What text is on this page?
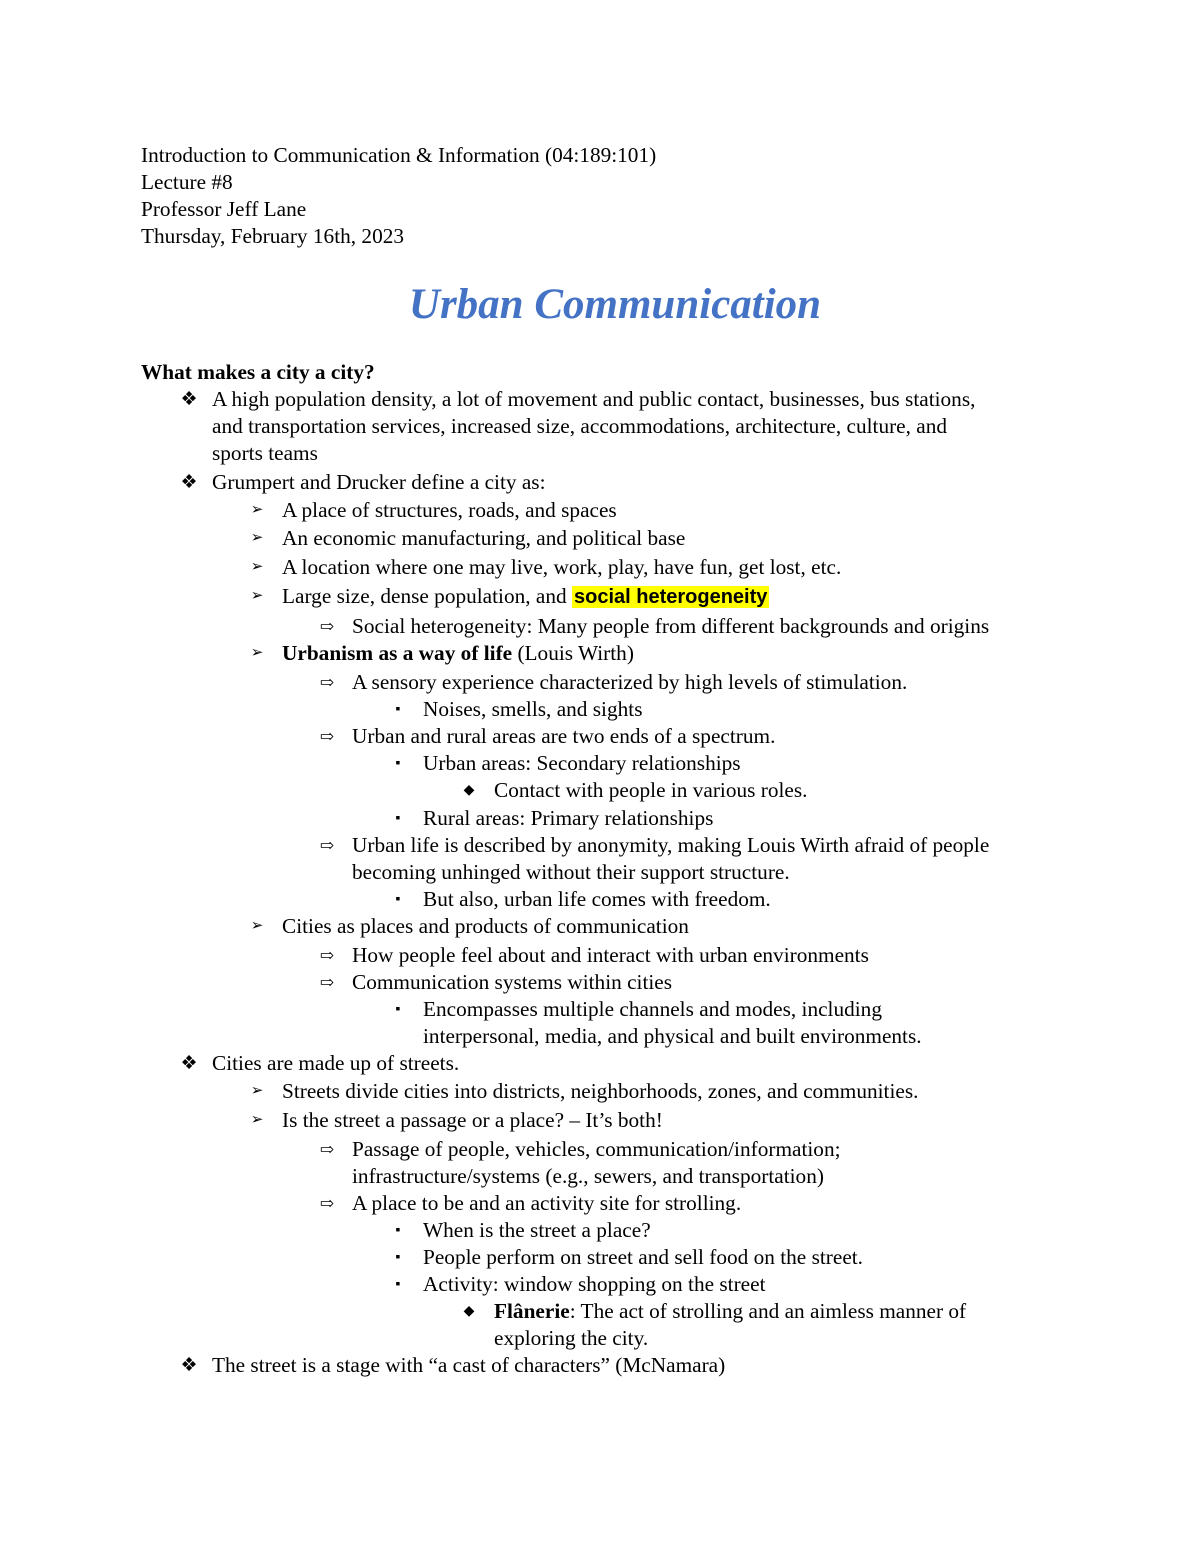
Introduction to Communication & Information (04:189:101)
Lecture #8
Professor Jeff Lane
Thursday, February 16th, 2023
Urban Communication
What makes a city a city?
❖ A high population density, a lot of movement and public contact, businesses, bus stations,
and transportation services, increased size, accommodations, architecture, culture, and
sports teams
❖ Grumpert and Drucker define a city as:
➢ A place of structures, roads, and spaces
➢ An economic manufacturing, and political base
➢ A location where one may live, work, play, have fun, get lost, etc.
➢ Large size, dense population, and social heterogeneity
⇨ Social heterogeneity: Many people from different backgrounds and origins
➢ Urbanism as a way of life (Louis Wirth)
⇨ A sensory experience characterized by high levels of stimulation.
▪	Noises, smells, and sights
⇨ Urban and rural areas are two ends of a spectrum.
▪	Urban areas: Secondary relationships
◆ Contact with people in various roles.
▪	Rural areas: Primary relationships
⇨ Urban life is described by anonymity, making Louis Wirth afraid of people
becoming unhinged without their support structure.
▪	But also, urban life comes with freedom.
➢ Cities as places and products of communication
⇨ How people feel about and interact with urban environments
⇨ Communication systems within cities
▪	Encompasses multiple channels and modes, including
interpersonal, media, and physical and built environments.
❖ Cities are made up of streets.
➢ Streets divide cities into districts, neighborhoods, zones, and communities.
➢ Is the street a passage or a place? – It’s both!
⇨ Passage of people, vehicles, communication/information;
infrastructure/systems (e.g., sewers, and transportation)
⇨ A place to be and an activity site for strolling.
▪	When is the street a place?
▪	People perform on street and sell food on the street.
▪	Activity: window shopping on the street
◆ Flânerie: The act of strolling and an aimless manner of
exploring the city.
❖ The street is a stage with “a cast of characters” (McNamara)
